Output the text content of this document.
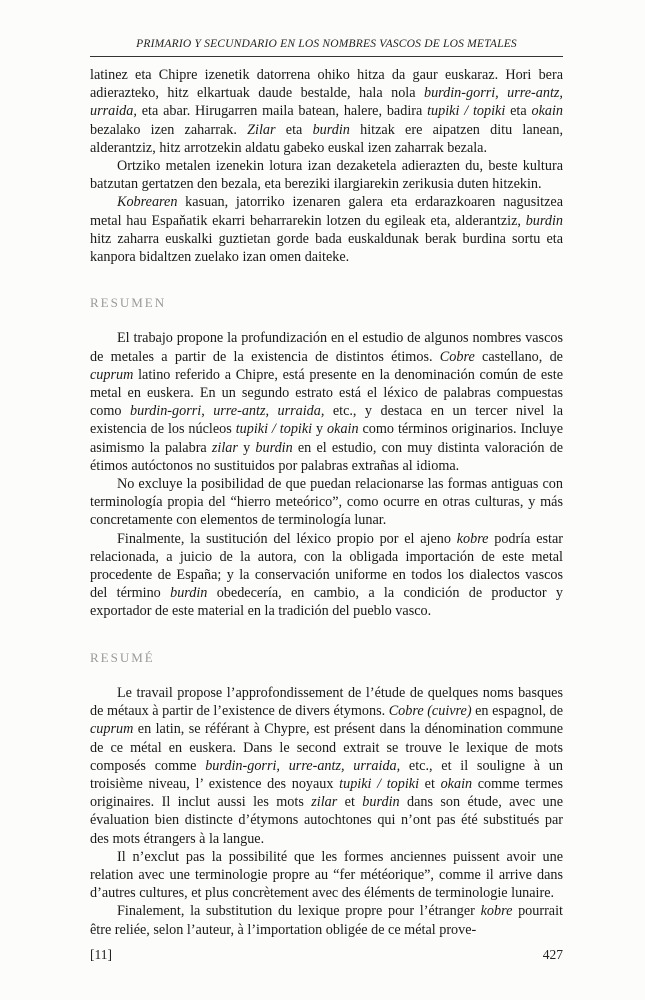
PRIMARIO Y SECUNDARIO EN LOS NOMBRES VASCOS DE LOS METALES

latinez eta Chipre izenetik datorrena ohiko hitza da gaur euskaraz. Hori bera adierazteko, hitz elkartuak daude bestalde, hala nola burdin-gorri, urre-antz, urraida, eta abar. Hirugarren maila batean, halere, badira tupiki / topiki eta okain bezalako izen zaharrak. Zilar eta burdin hitzak ere aipatzen ditu lanean, alderantziz, hitz arrotzekin aldatu gabeko euskal izen zaharrak bezala.

Ortziko metalen izenekin lotura izan dezaketela adierazten du, beste kultura batzutan gertatzen den bezala, eta bereziki ilargiarekin zerikusia duten hitzekin.

Kobrearen kasuan, jatorriko izenaren galera eta erdarazkoaren nagusitzea metal hau Espaňatik ekarri beharrarekin lotzen du egileak eta, alderantziz, burdin hitz zaharra euskalki guztietan gorde bada euskaldunak berak burdina sortu eta kanpora bidaltzen zuelako izan omen daiteke.

RESUMEN

El trabajo propone la profundización en el estudio de algunos nombres vascos de metales a partir de la existencia de distintos étimos. Cobre castellano, de cuprum latino referido a Chipre, está presente en la denominación común de este metal en euskera. En un segundo estrato está el léxico de palabras compuestas como burdin-gorri, urre-antz, urraida, etc., y destaca en un tercer nivel la existencia de los núcleos tupiki / topiki y okain como términos originarios. Incluye asimismo la palabra zilar y burdin en el estudio, con muy distinta valoración de étimos autóctonos no sustituidos por palabras extrañas al idioma.

No excluye la posibilidad de que puedan relacionarse las formas antiguas con terminología propia del “hierro meteórico”, como ocurre en otras culturas, y más concretamente con elementos de terminología lunar.

Finalmente, la sustitución del léxico propio por el ajeno kobre podría estar relacionada, a juicio de la autora, con la obligada importación de este metal procedente de España; y la conservación uniforme en todos los dialectos vascos del término burdin obedecería, en cambio, a la condición de productor y exportador de este material en la tradición del pueblo vasco.

RESUMÉ

Le travail propose l’approfondissement de l’étude de quelques noms basques de métaux à partir de l’existence de divers étymons. Cobre (cuivre) en espagnol, de cuprum en latin, se référant à Chypre, est présent dans la dénomination commune de ce métal en euskera. Dans le second extrait se trouve le lexique de mots composés comme burdin-gorri, urre-antz, urraida, etc., et il souligne à un troisième niveau, l’ existence des noyaux tupiki / topiki et okain comme termes originaires. Il inclut aussi les mots zilar et burdin dans son étude, avec une évaluation bien distincte d’étymons autochtones qui n’ont pas été substitués par des mots étrangers à la langue.

Il n’exclut pas la possibilité que les formes anciennes puissent avoir une relation avec une terminologie propre au “fer météorique”, comme il arrive dans d’autres cultures, et plus concrètement avec des éléments de terminologie lunaire.

Finalement, la substitution du lexique propre pour l’étranger kobre pourrait être reliée, selon l’auteur, à l’importation obligée de ce métal prove-

[11]	427
